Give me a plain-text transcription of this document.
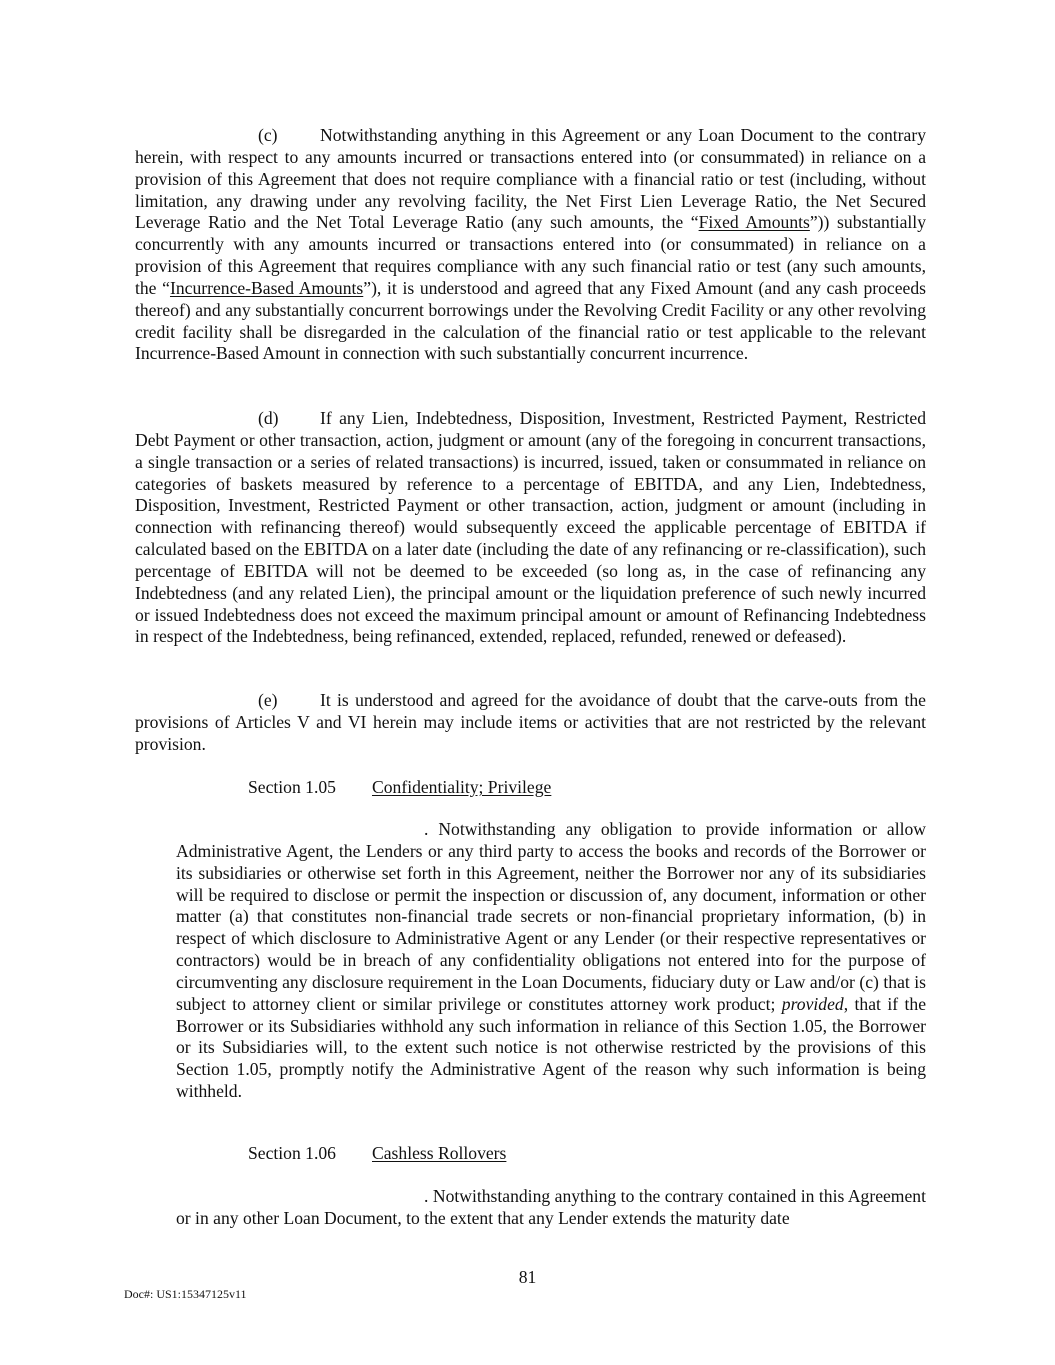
(c) Notwithstanding anything in this Agreement or any Loan Document to the contrary herein, with respect to any amounts incurred or transactions entered into (or consummated) in reliance on a provision of this Agreement that does not require compliance with a financial ratio or test (including, without limitation, any drawing under any revolving facility, the Net First Lien Leverage Ratio, the Net Secured Leverage Ratio and the Net Total Leverage Ratio (any such amounts, the “Fixed Amounts”)) substantially concurrently with any amounts incurred or transactions entered into (or consummated) in reliance on a provision of this Agreement that requires compliance with any such financial ratio or test (any such amounts, the “Incurrence-Based Amounts”), it is understood and agreed that any Fixed Amount (and any cash proceeds thereof) and any substantially concurrent borrowings under the Revolving Credit Facility or any other revolving credit facility shall be disregarded in the calculation of the financial ratio or test applicable to the relevant Incurrence-Based Amount in connection with such substantially concurrent incurrence.

(d) If any Lien, Indebtedness, Disposition, Investment, Restricted Payment, Restricted Debt Payment or other transaction, action, judgment or amount (any of the foregoing in concurrent transactions, a single transaction or a series of related transactions) is incurred, issued, taken or consummated in reliance on categories of baskets measured by reference to a percentage of EBITDA, and any Lien, Indebtedness, Disposition, Investment, Restricted Payment or other transaction, action, judgment or amount (including in connection with refinancing thereof) would subsequently exceed the applicable percentage of EBITDA if calculated based on the EBITDA on a later date (including the date of any refinancing or re-classification), such percentage of EBITDA will not be deemed to be exceeded (so long as, in the case of refinancing any Indebtedness (and any related Lien), the principal amount or the liquidation preference of such newly incurred or issued Indebtedness does not exceed the maximum principal amount or amount of Refinancing Indebtedness in respect of the Indebtedness, being refinanced, extended, replaced, refunded, renewed or defeased).

(e) It is understood and agreed for the avoidance of doubt that the carve-outs from the provisions of Articles V and VI herein may include items or activities that are not restricted by the relevant provision.

Section 1.05 Confidentiality; Privilege

. Notwithstanding any obligation to provide information or allow Administrative Agent, the Lenders or any third party to access the books and records of the Borrower or its subsidiaries or otherwise set forth in this Agreement, neither the Borrower nor any of its subsidiaries will be required to disclose or permit the inspection or discussion of, any document, information or other matter (a) that constitutes non-financial trade secrets or non-financial proprietary information, (b) in respect of which disclosure to Administrative Agent or any Lender (or their respective representatives or contractors) would be in breach of any confidentiality obligations not entered into for the purpose of circumventing any disclosure requirement in the Loan Documents, fiduciary duty or Law and/or (c) that is subject to attorney client or similar privilege or constitutes attorney work product; provided, that if the Borrower or its Subsidiaries withhold any such information in reliance of this Section 1.05, the Borrower or its Subsidiaries will, to the extent such notice is not otherwise restricted by the provisions of this Section 1.05, promptly notify the Administrative Agent of the reason why such information is being withheld.

Section 1.06 Cashless Rollovers

. Notwithstanding anything to the contrary contained in this Agreement or in any other Loan Document, to the extent that any Lender extends the maturity date

81
Doc#: US1:15347125v11
